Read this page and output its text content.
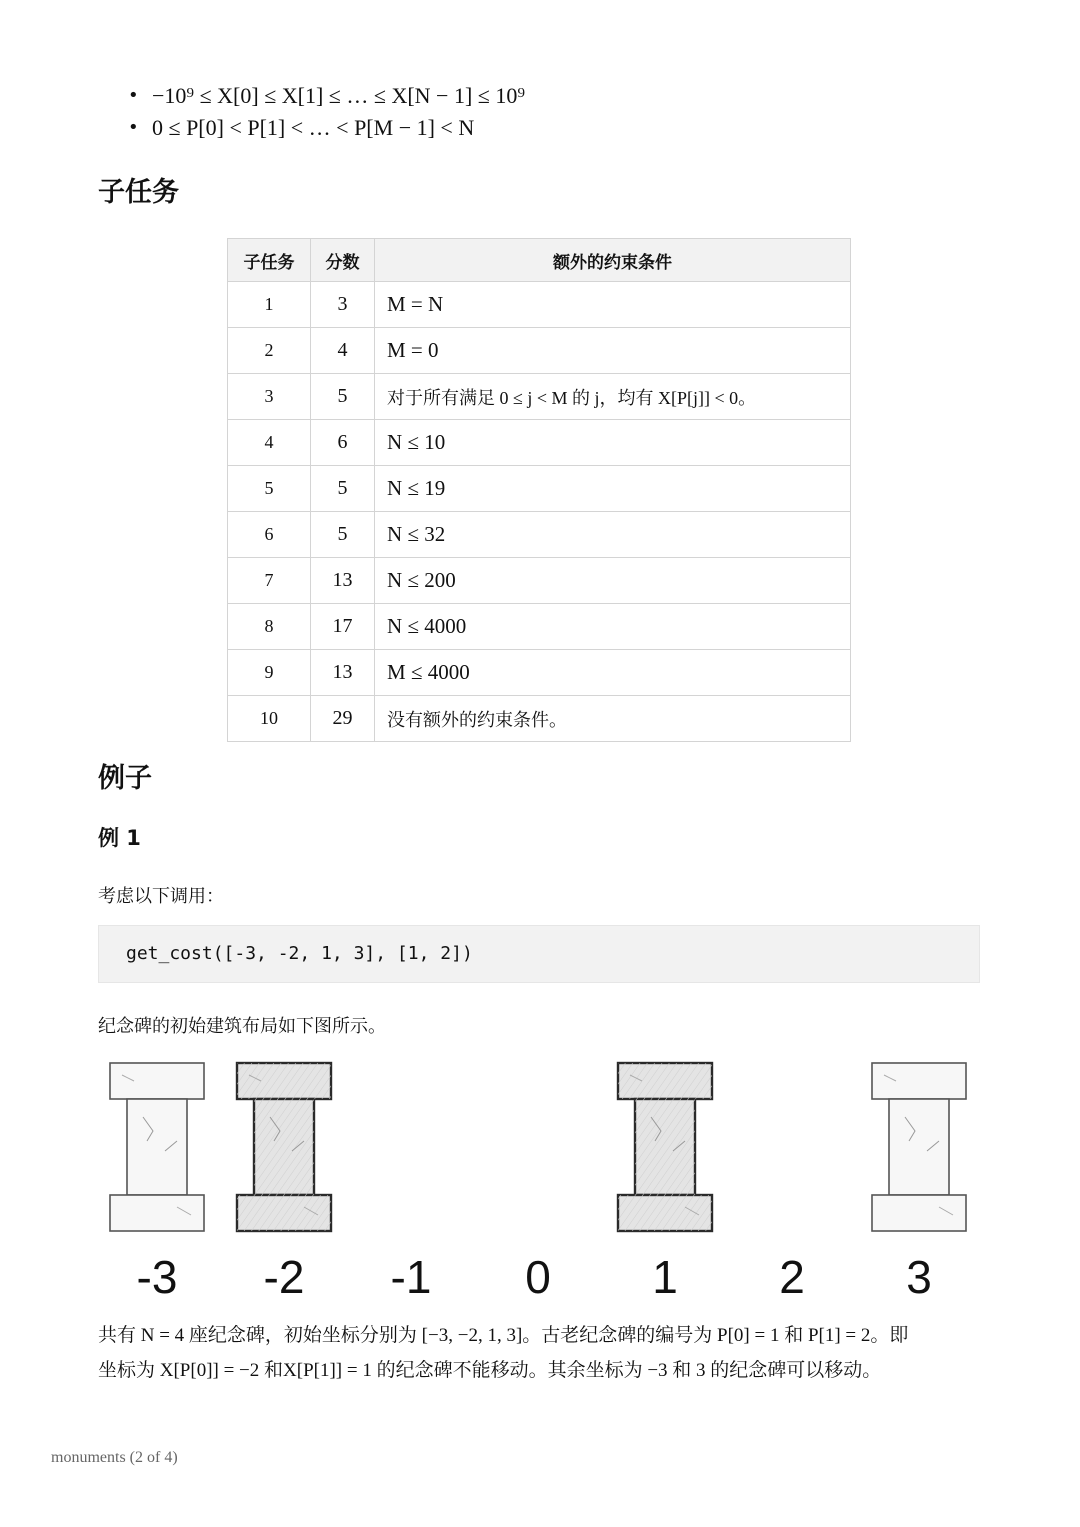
• −10⁹ ≤ X[0] ≤ X[1] ≤ … ≤ X[N − 1] ≤ 10⁹
• 0 ≤ P[0] < P[1] < … < P[M − 1] < N
子任务
子任务	分数	额外的约束条件
1	3	M = N
2	4	M = 0
3	5	对于所有满足 0 ≤ j < M 的 j，均有 X[P[j]] < 0。
4	6	N ≤ 10
5	5	N ≤ 19
6	5	N ≤ 32
7	13	N ≤ 200
8	17	N ≤ 4000
9	13	M ≤ 4000
10	29	没有额外的约束条件。
例子
例 1
考虑以下调用：
get_cost([-3, -2, 1, 3], [1, 2])
纪念碑的初始建筑布局如下图所示。
-3 -2 -1 0 1 2 3
共有 N = 4 座纪念碑，初始坐标分别为 [−3, −2, 1, 3]。古老纪念碑的编号为 P[0] = 1 和 P[1] = 2。即
坐标为 X[P[0]] = −2 和X[P[1]] = 1 的纪念碑不能移动。其余坐标为 −3 和 3 的纪念碑可以移动。
monuments (2 of 4)
